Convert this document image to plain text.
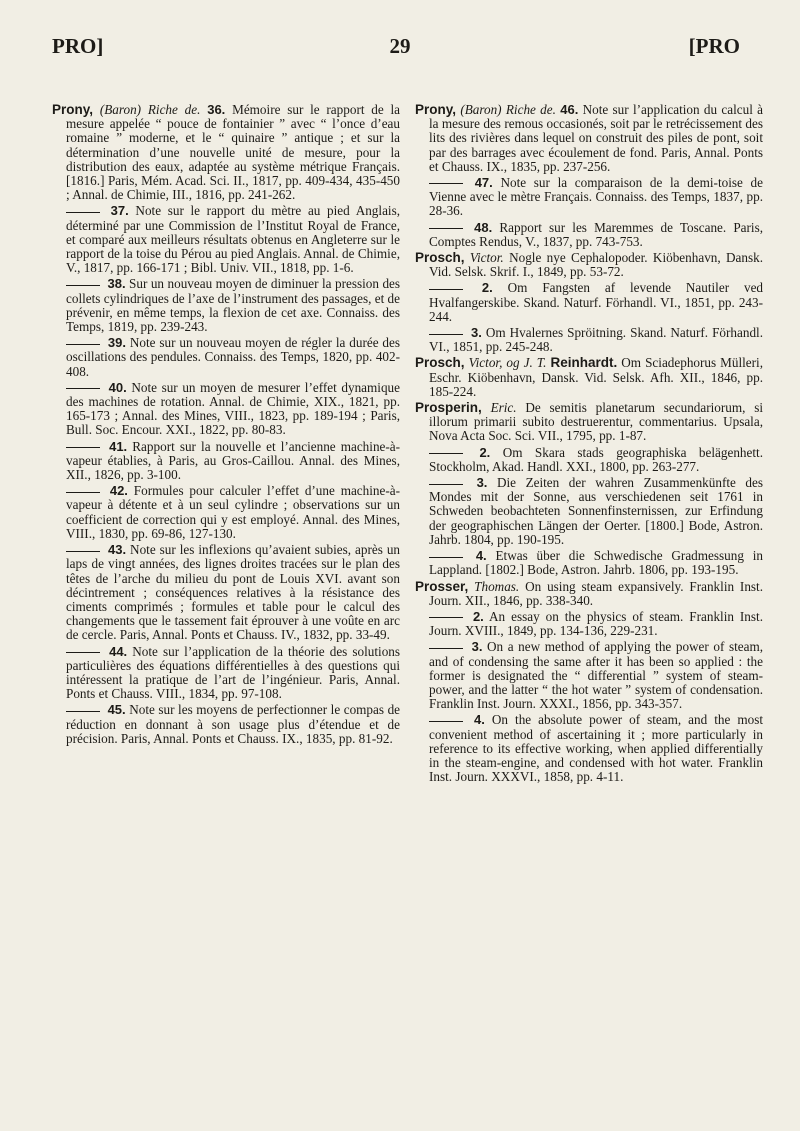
PRO]	29	[PRO

Prony, (Baron) Riche de. 36. Mémoire sur le rapport de la mesure appelée “ pouce de fontainier ” avec “ l’once d’eau romaine ” moderne, et le “ quinaire ” antique ; et sur la détermination d’une nouvelle unité de mesure, pour la distribution des eaux, adaptée au système métrique Français. [1816.] Paris, Mém. Acad. Sci. II., 1817, pp. 409-434, 435-450 ; Annal. de Chimie, III., 1816, pp. 241-262.

37. Note sur le rapport du mètre au pied Anglais, déterminé par une Commission de l’Institut Royal de France, et comparé aux meilleurs résultats obtenus en Angleterre sur le rapport de la toise du Pérou au pied Anglais. Annal. de Chimie, V., 1817, pp. 166-171 ; Bibl. Univ. VII., 1818, pp. 1-6.

38. Sur un nouveau moyen de diminuer la pression des collets cylindriques de l’axe de l’instrument des passages, et de prévenir, en même temps, la flexion de cet axe. Connaiss. des Temps, 1819, pp. 239-243.

39. Note sur un nouveau moyen de régler la durée des oscillations des pendules. Connaiss. des Temps, 1820, pp. 402-408.

40. Note sur un moyen de mesurer l’effet dynamique des machines de rotation. Annal. de Chimie, XIX., 1821, pp. 165-173 ; Annal. des Mines, VIII., 1823, pp. 189-194 ; Paris, Bull. Soc. Encour. XXI., 1822, pp. 80-83.

41. Rapport sur la nouvelle et l’ancienne machine-à-vapeur établies, à Paris, au Gros-Caillou. Annal. des Mines, XII., 1826, pp. 3-100.

42. Formules pour calculer l’effet d’une machine-à-vapeur à détente et à un seul cylindre ; observations sur un coefficient de correction qui y est employé. Annal. des Mines, VIII., 1830, pp. 69-86, 127-130.

43. Note sur les inflexions qu’avaient subies, après un laps de vingt années, des lignes droites tracées sur le plan des têtes de l’arche du milieu du pont de Louis XVI. avant son décintrement ; conséquences relatives à la résistance des ciments comprimés ; formules et table pour le calcul des changements que le tassement fait éprouver à une voûte en arc de cercle. Paris, Annal. Ponts et Chauss. IV., 1832, pp. 33-49.

44. Note sur l’application de la théorie des solutions particulières des équations différentielles à des questions qui intéressent la pratique de l’art de l’ingénieur. Paris, Annal. Ponts et Chauss. VIII., 1834, pp. 97-108.

45. Note sur les moyens de perfectionner le compas de réduction en donnant à son usage plus d’étendue et de précision. Paris, Annal. Ponts et Chauss. IX., 1835, pp. 81-92.

Prony, (Baron) Riche de. 46. Note sur l’application du calcul à la mesure des remous occasionés, soit par le retrécissement des lits des rivières dans lequel on construit des piles de pont, soit par des barrages avec écoulement de fond. Paris, Annal. Ponts et Chauss. IX., 1835, pp. 237-256.

47. Note sur la comparaison de la demi-toise de Vienne avec le mètre Français. Connaiss. des Temps, 1837, pp. 28-36.

48. Rapport sur les Maremmes de Toscane. Paris, Comptes Rendus, V., 1837, pp. 743-753.

Prosch, Victor. Nogle nye Cephalopoder. Kiöbenhavn, Dansk. Vid. Selsk. Skrif. I., 1849, pp. 53-72.

2. Om Fangsten af levende Nautiler ved Hvalfangerskibe. Skand. Naturf. Förhandl. VI., 1851, pp. 243-244.

3. Om Hvalernes Spröitning. Skand. Naturf. Förhandl. VI., 1851, pp. 245-248.

Prosch, Victor, og J. T. Reinhardt. Om Sciadephorus Mülleri, Eschr. Kiöbenhavn, Dansk. Vid. Selsk. Afh. XII., 1846, pp. 185-224.

Prosperin, Eric. De semitis planetarum secundariorum, si illorum primarii subito destruerentur, commentarius. Upsala, Nova Acta Soc. Sci. VII., 1795, pp. 1-87.

2. Om Skara stads geographiska belägenhett. Stockholm, Akad. Handl. XXI., 1800, pp. 263-277.

3. Die Zeiten der wahren Zusammenkünfte des Mondes mit der Sonne, aus verschiedenen seit 1761 in Schweden beobachteten Sonnenfinsternissen, zur Erfindung der geographischen Längen der Oerter. [1800.] Bode, Astron. Jahrb. 1804, pp. 190-195.

4. Etwas über die Schwedische Gradmessung in Lappland. [1802.] Bode, Astron. Jahrb. 1806, pp. 193-195.

Prosser, Thomas. On using steam expansively. Franklin Inst. Journ. XII., 1846, pp. 338-340.

2. An essay on the physics of steam. Franklin Inst. Journ. XVIII., 1849, pp. 134-136, 229-231.

3. On a new method of applying the power of steam, and of condensing the same after it has been so applied : the former is designated the “ differential ” system of steam-power, and the latter “ the hot water ” system of condensation. Franklin Inst. Journ. XXXI., 1856, pp. 343-357.

4. On the absolute power of steam, and the most convenient method of ascertaining it ; more particularly in reference to its effective working, when applied differentially in the steam-engine, and condensed with hot water. Franklin Inst. Journ. XXXVI., 1858, pp. 4-11.
